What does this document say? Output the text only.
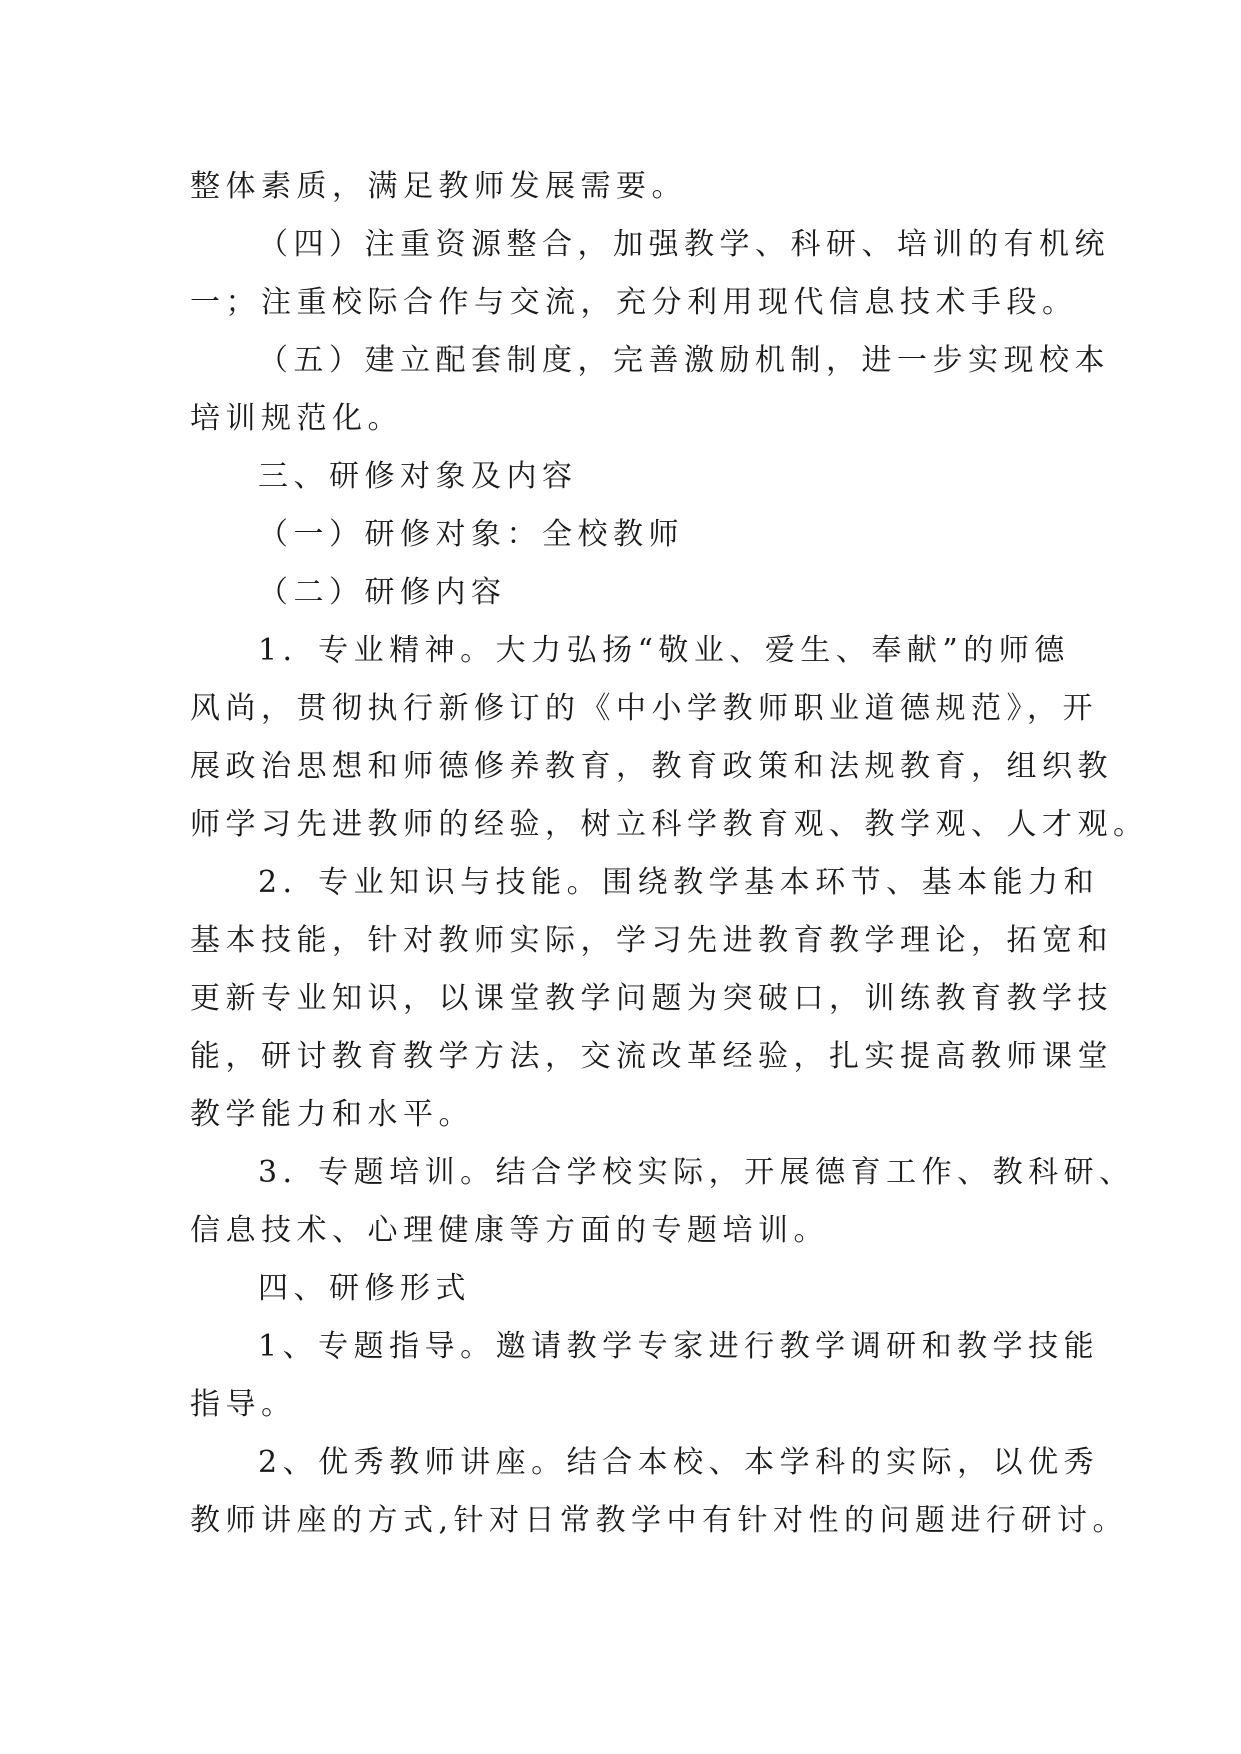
整体素质，满足教师发展需要。
（四）注重资源整合，加强教学、科研、培训的有机统
一；注重校际合作与交流，充分利用现代信息技术手段。
（五）建立配套制度，完善激励机制，进一步实现校本
培训规范化。
三、研修对象及内容
（一）研修对象：全校教师
（二）研修内容
1．专业精神。大力弘扬“敬业、爱生、奉献”的师德
风尚，贯彻执行新修订的《中小学教师职业道德规范》，开
展政治思想和师德修养教育，教育政策和法规教育，组织教
师学习先进教师的经验，树立科学教育观、教学观、人才观。
2．专业知识与技能。围绕教学基本环节、基本能力和
基本技能，针对教师实际，学习先进教育教学理论，拓宽和
更新专业知识，以课堂教学问题为突破口，训练教育教学技
能，研讨教育教学方法，交流改革经验，扎实提高教师课堂
教学能力和水平。
3．专题培训。结合学校实际，开展德育工作、教科研、
信息技术、心理健康等方面的专题培训。
四、研修形式
1、专题指导。邀请教学专家进行教学调研和教学技能
指导。
2、优秀教师讲座。结合本校、本学科的实际，以优秀
教师讲座的方式,针对日常教学中有针对性的问题进行研讨。
